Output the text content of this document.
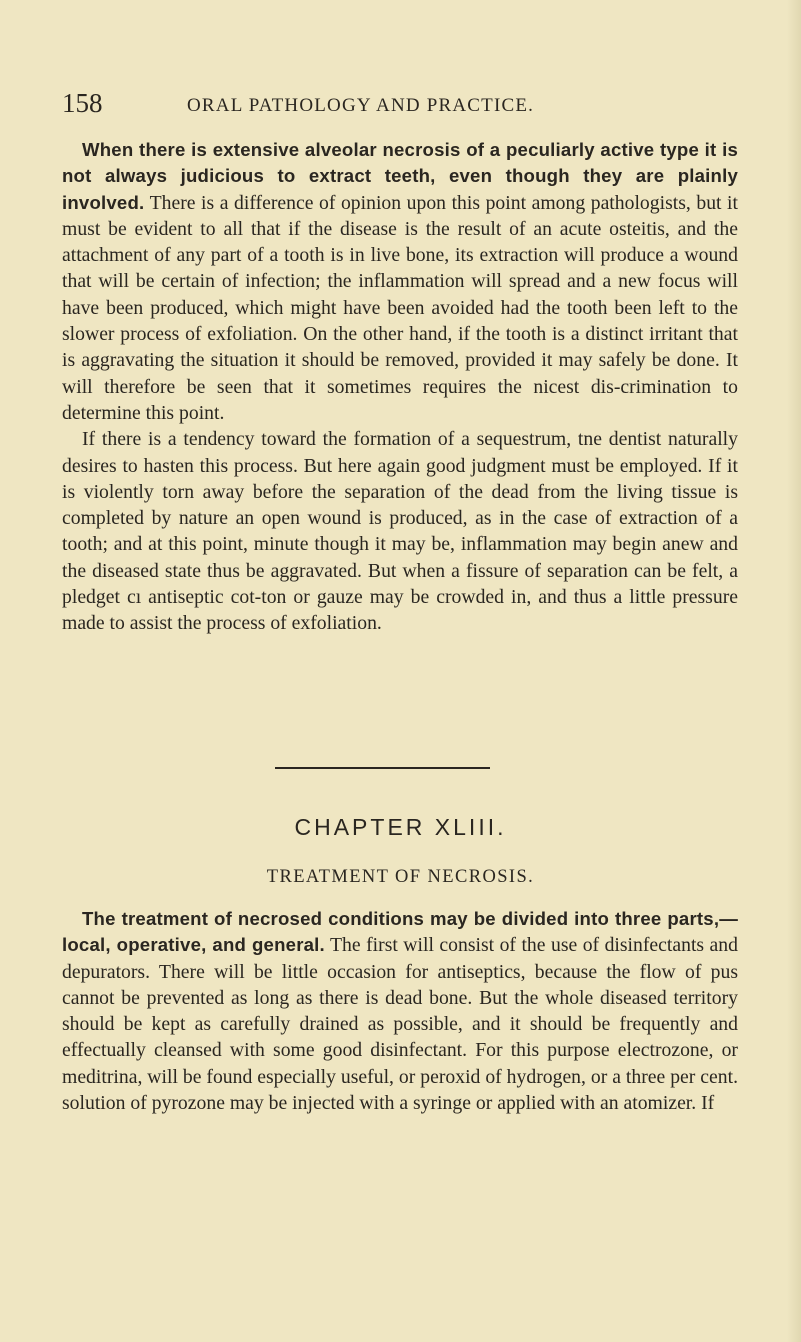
158	ORAL PATHOLOGY AND PRACTICE.

When there is extensive alveolar necrosis of a peculiarly active type it is not always judicious to extract teeth, even though they are plainly involved. There is a difference of opinion upon this point among pathologists, but it must be evident to all that if the disease is the result of an acute osteitis, and the attachment of any part of a tooth is in live bone, its extraction will produce a wound that will be certain of infection; the inflammation will spread and a new focus will have been produced, which might have been avoided had the tooth been left to the slower process of exfoliation. On the other hand, if the tooth is a distinct irritant that is aggravating the situation it should be removed, provided it may safely be done. It will therefore be seen that it sometimes requires the nicest dis-crimination to determine this point.

If there is a tendency toward the formation of a sequestrum, tne dentist naturally desires to hasten this process. But here again good judgment must be employed. If it is violently torn away before the separation of the dead from the living tissue is completed by nature an open wound is produced, as in the case of extraction of a tooth; and at this point, minute though it may be, inflammation may begin anew and the diseased state thus be aggravated. But when a fissure of separation can be felt, a pledget cı antiseptic cot-ton or gauze may be crowded in, and thus a little pressure made to assist the process of exfoliation.

CHAPTER XLIII.
TREATMENT OF NECROSIS.

The treatment of necrosed conditions may be divided into three parts,—local, operative, and general. The first will consist of the use of disinfectants and depurators. There will be little occasion for antiseptics, because the flow of pus cannot be prevented as long as there is dead bone. But the whole diseased territory should be kept as carefully drained as possible, and it should be frequently and effectually cleansed with some good disinfectant. For this purpose electrozone, or meditrina, will be found especially useful, or peroxid of hydrogen, or a three per cent. solution of pyrozone may be injected with a syringe or applied with an atomizer. If
